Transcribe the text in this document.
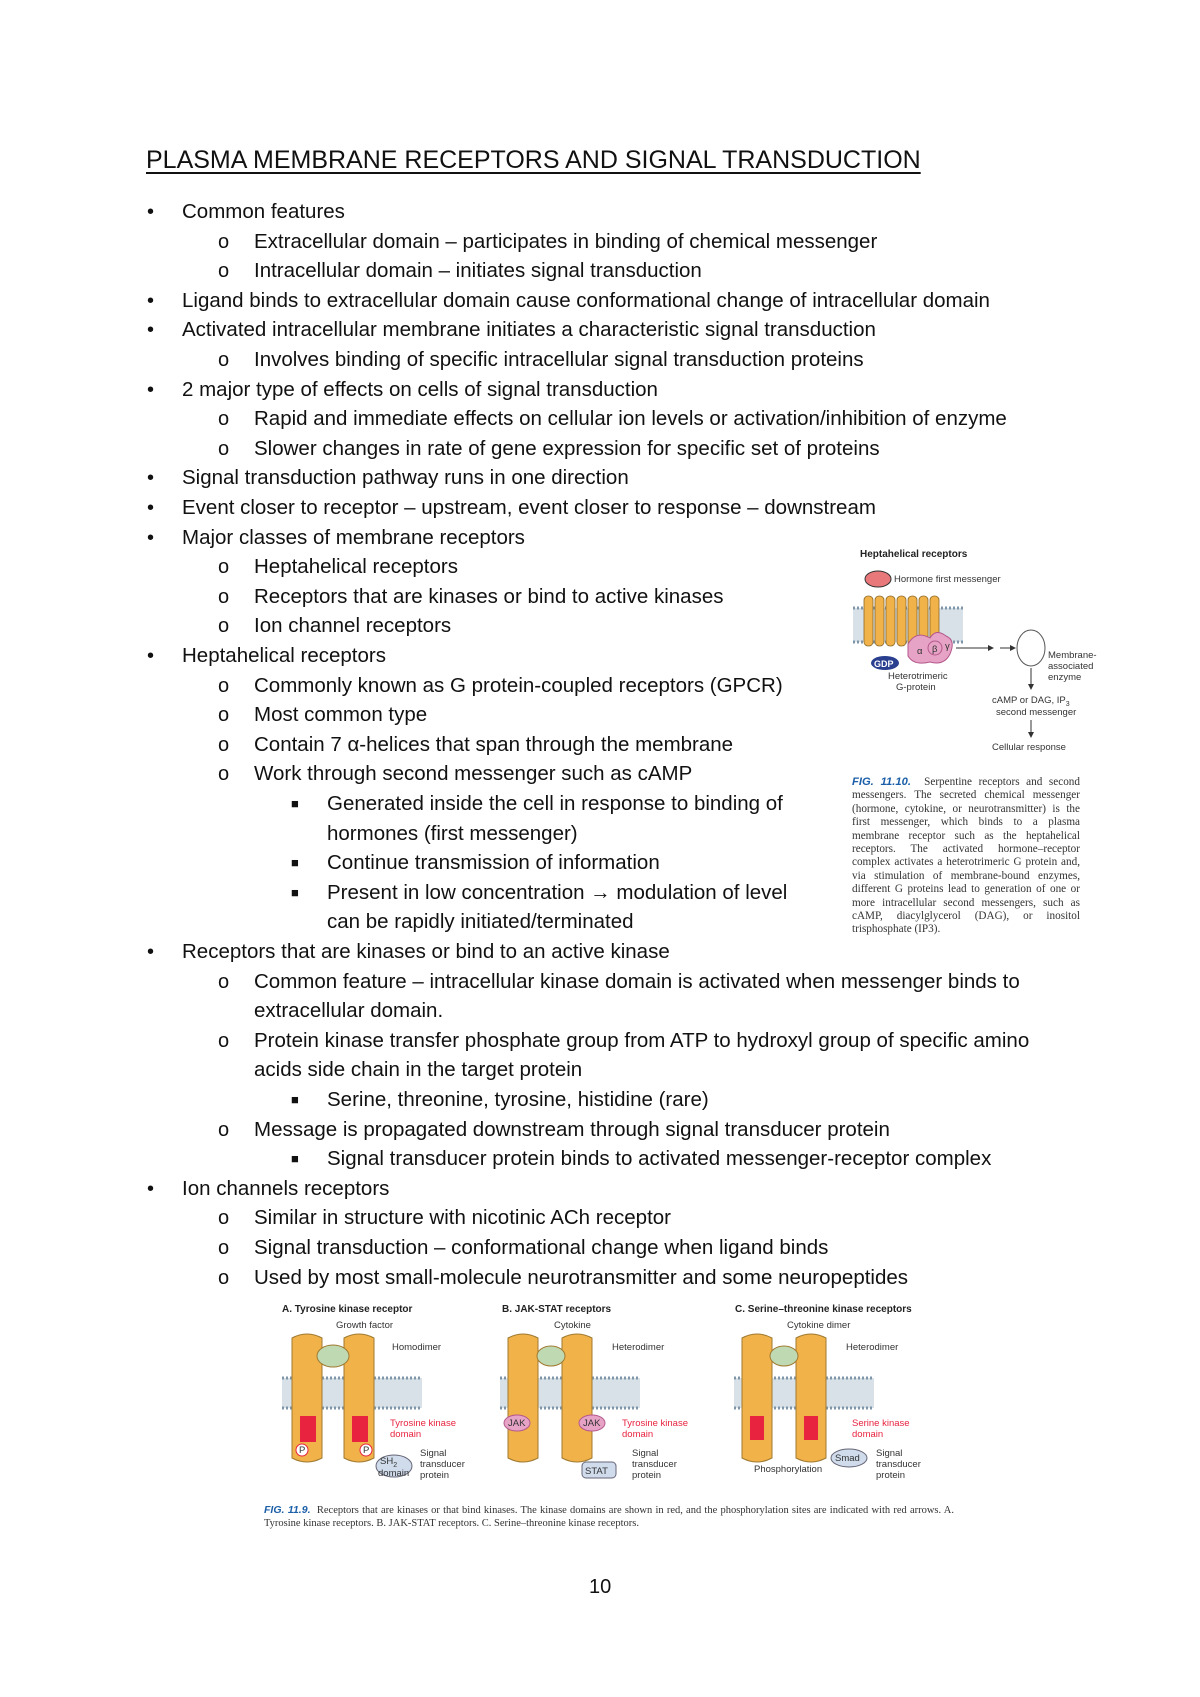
PLASMA MEMBRANE RECEPTORS AND SIGNAL TRANSDUCTION
• Common features
o Extracellular domain – participates in binding of chemical messenger
o Intracellular domain – initiates signal transduction
• Ligand binds to extracellular domain cause conformational change of intracellular domain
• Activated intracellular membrane initiates a characteristic signal transduction
o Involves binding of specific intracellular signal transduction proteins
• 2 major type of effects on cells of signal transduction
o Rapid and immediate effects on cellular ion levels or activation/inhibition of enzyme
o Slower changes in rate of gene expression for specific set of proteins
• Signal transduction pathway runs in one direction
• Event closer to receptor – upstream, event closer to response – downstream
• Major classes of membrane receptors
o Heptahelical receptors
o Receptors that are kinases or bind to active kinases
o Ion channel receptors
• Heptahelical receptors
o Commonly known as G protein-coupled receptors (GPCR)
o Most common type
o Contain 7 α-helices that span through the membrane
o Work through second messenger such as cAMP
■ Generated inside the cell in response to binding of
hormones (first messenger)
■ Continue transmission of information
■ Present in low concentration → modulation of level
can be rapidly initiated/terminated
• Receptors that are kinases or bind to an active kinase
o Common feature – intracellular kinase domain is activated when messenger binds to
extracellular domain.
o Protein kinase transfer phosphate group from ATP to hydroxyl group of specific amino
acids side chain in the target protein
■ Serine, threonine, tyrosine, histidine (rare)
o Message is propagated downstream through signal transducer protein
■ Signal transducer protein binds to activated messenger-receptor complex
• Ion channels receptors
o Similar in structure with nicotinic ACh receptor
o Signal transduction – conformational change when ligand binds
o Used by most small-molecule neurotransmitter and some neuropeptides
Heptahelical receptors
Hormone first messenger
α β γ
GDP
Heterotrimeric
G-protein
Membrane-
associated
enzyme
cAMP or DAG, $IP_3$
second messenger
Cellular response
FIG. 11.10. Serpentine receptors and second messengers. The secreted chemical messenger (hormone, cytokine, or neurotransmitter) is the first messenger, which binds to a plasma membrane receptor such as the heptahelical receptors. The activated hormone–receptor complex activates a heterotrimeric G protein and, via stimulation of membrane-bound enzymes, different G proteins lead to generation of one or more intracellular second messengers, such as cAMP, diacylglycerol (DAG), or inositol trisphosphate (IP3).
A. Tyrosine kinase receptor	B. JAK-STAT receptors	C. Serine–threonine kinase receptors
Growth factor	Cytokine	Cytokine dimer
Homodimer
Tyrosine kinase
domain
P	P
$SH_2$
domain
Signal
transducer
protein
JAK	JAK
Heterodimer
Tyrosine kinase
domain
STAT
Signal
transducer
protein
Heterodimer
Serine kinase
domain
Smad
Phosphorylation
Signal
transducer
protein
FIG. 11.9. Receptors that are kinases or that bind kinases. The kinase domains are shown in red, and the phosphorylation sites are indicated with red arrows. A. Tyrosine kinase receptors. B. JAK-STAT receptors. C. Serine–threonine kinase receptors.
10
